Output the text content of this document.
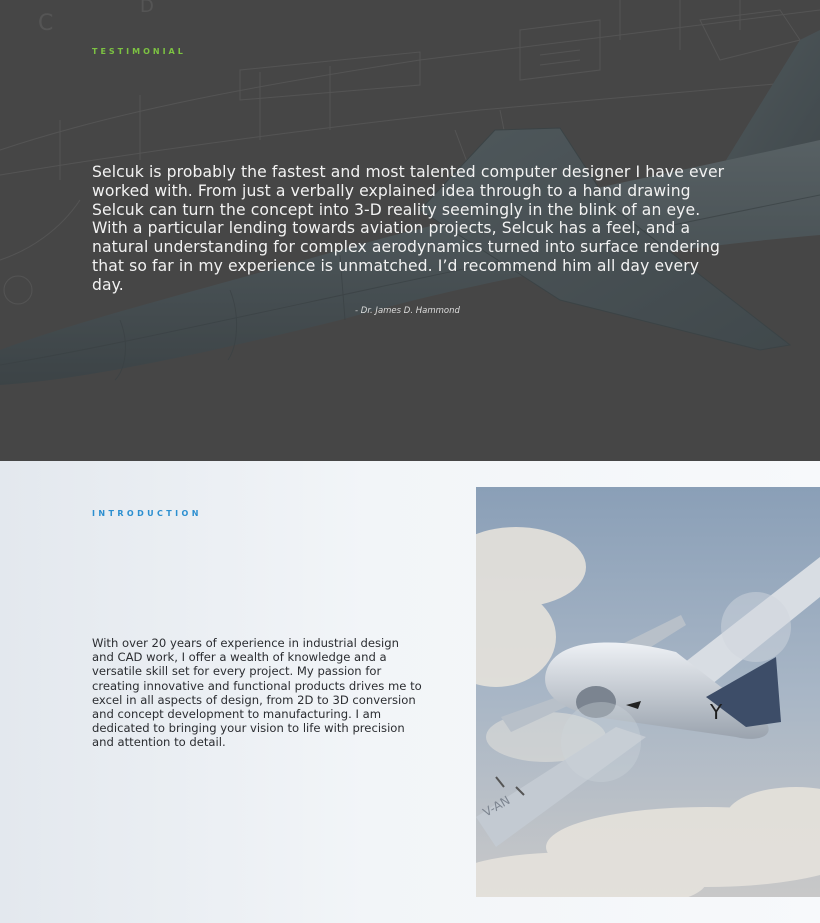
C
D
TESTIMONIAL

Selcuk is probably the fastest and most talented computer designer I have ever worked with. From just a verbally explained idea through to a hand drawing Selcuk can turn the concept into 3-D reality seemingly in the blink of an eye. With a particular lending towards aviation projects, Selcuk has a feel, and a natural understanding for complex aerodynamics turned into surface rendering that so far in my experience is unmatched. I’d recommend him all day every day.

- Dr. James D. Hammond
INTRODUCTION

With over 20 years of experience in industrial design and CAD work, I offer a wealth of knowledge and a versatile skill set for every project. My passion for creating innovative and functional products drives me to excel in all aspects of design, from 2D to 3D conversion and concept development to manufacturing. I am dedicated to bringing your vision to life with precision and attention to detail.

Y
V-AN
